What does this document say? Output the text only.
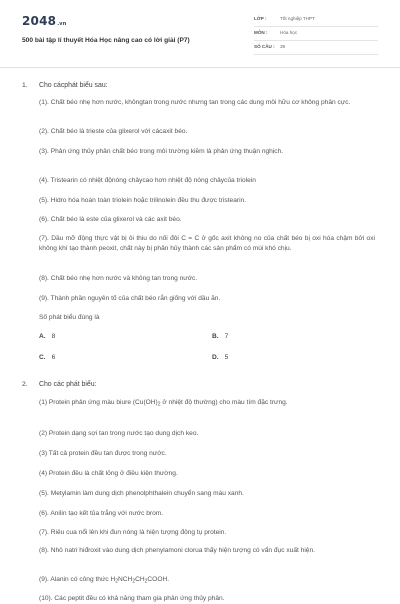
2048.vn
500 bài tập lí thuyết Hóa Học nâng cao có lời giải (P7)
LỚP :	Tốt nghiệp THPT
MÔN :	Hóa học
SỐ CÂU : 39
1. Cho cácphát biểu sau:

(1). Chất béo nhẹ hơn nước, khôngtan trong nước nhưng tan trong các dung môi hữu cơ không phân cực.

(2). Chất béo là trieste của glixerol với cácaxit béo.

(3). Phản ứng thủy phân chất béo trong môi trường kiềm là phản ứng thuận nghịch.

(4). Tristearin có nhiệt độnóng chảycao hơn nhiệt độ nóng chảycủa triolein

(5). Hidro hóa hoàn toàn triolein hoặc trilinolein đều thu được tristearin.

(6). Chất béo là este của glixerol và các axit béo.

(7). Dầu mỡ động thực vật bị ôi thiu do nối đôi C = C ở gốc axit không no của chất béo bị oxi hóa chậm bởi oxi không khí tạo thành peoxit, chất này bị phân hủy thành các sản phẩm có mùi khó chịu.

(8). Chất béo nhẹ hơn nước và không tan trong nước.

(9). Thành phần nguyên tố của chất béo rắn giống với dầu ăn.

Số phát biểu đúng là

A. 8	B. 7
C. 6	D. 5
2. Cho các phát biểu:

(1) Protein phản ứng màu biure ($Cu(OH)_2$ ở nhiệt độ thường) cho màu tím đặc trưng.

(2) Protein dạng sợi tan trong nước tạo dung dịch keo.

(3) Tất cả protein đều tan được trong nước.

(4) Protein đều là chất lỏng ở điều kiện thường.

(5). Metylamin làm dung dịch phenolphthalein chuyển sang màu xanh.

(6). Anilin tạo kết tủa trắng với nước brom.

(7). Riêu cua nổi lên khi đun nóng là hiện tượng đông tụ protein.

(8). Nhỏ natri hiđroxit vào dung dịch phenylamoni clorua thấy hiện tượng có vẩn đục xuất hiện.

(9). Alanin có công thức $H_2NCH_2CH_2COOH$.

(10). Các peptit đều có khả năng tham gia phản ứng thủy phân.
